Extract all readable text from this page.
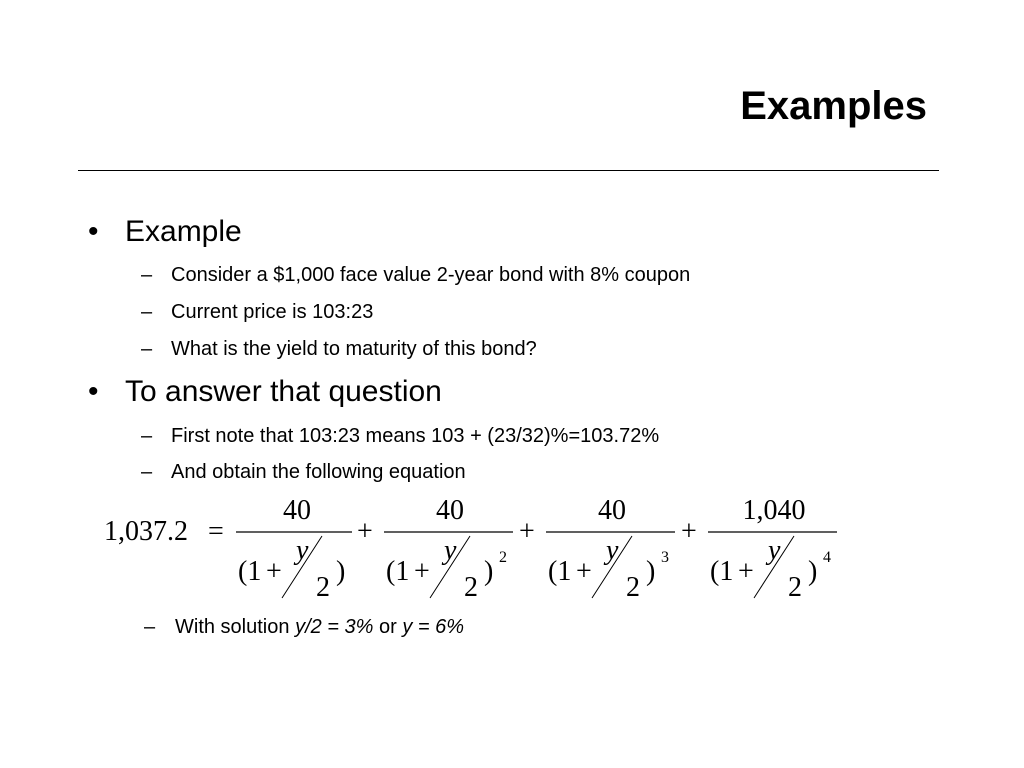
Examples
• Example
– Consider a $1,000 face value 2-year bond with 8% coupon
– Current price is 103:23
– What is the yield to maturity of this bond?
• To answer that question
– First note that 103:23 means 103 + (23/32)%=103.72%
– And obtain the following equation
1,037.2 =
40
(1 +
y
2
)
+
40
(1 +
y
2
) 2
+
40
(1 +
y
2
) 3
+
1,040
(1 +
y
2
) 4
– With solution y/2 = 3% or y = 6%
